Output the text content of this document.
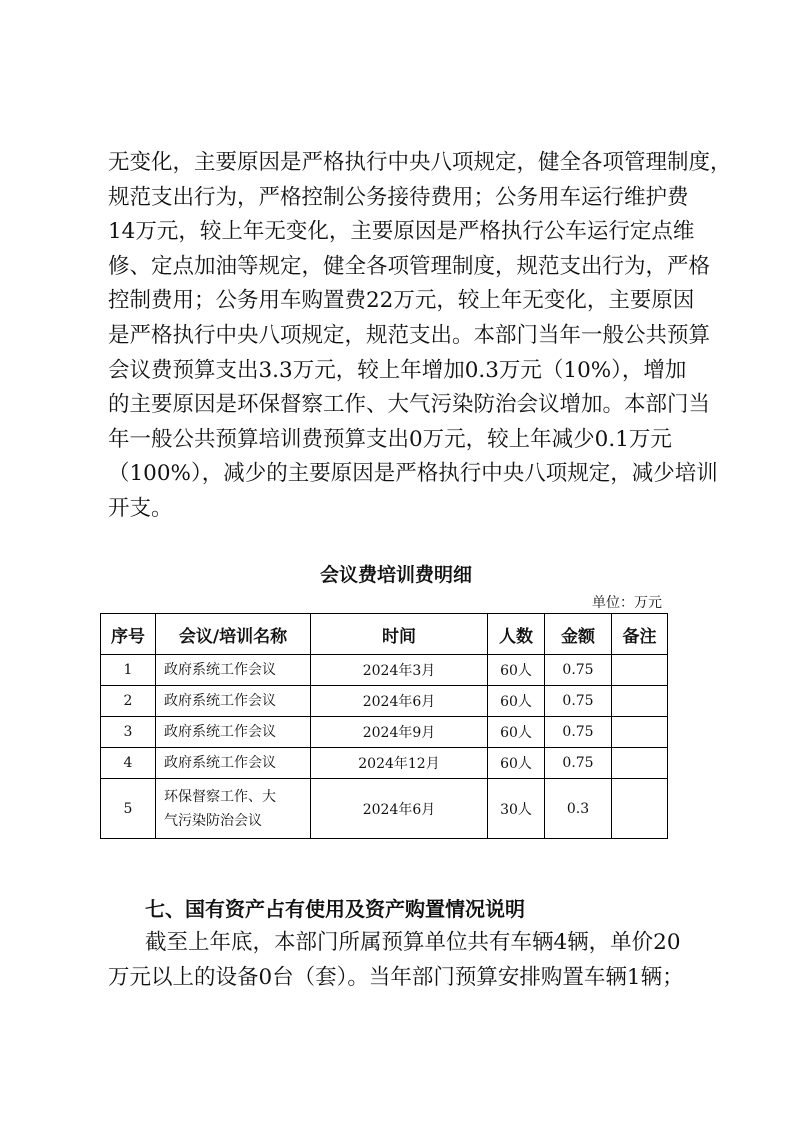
无变化，主要原因是严格执行中央八项规定，健全各项管理制度，
规范支出行为，严格控制公务接待费用；公务用车运行维护费
14万元，较上年无变化，主要原因是严格执行公车运行定点维
修、定点加油等规定，健全各项管理制度，规范支出行为，严格
控制费用；公务用车购置费22万元，较上年无变化，主要原因
是严格执行中央八项规定，规范支出。本部门当年一般公共预算
会议费预算支出3.3万元，较上年增加0.3万元（10%），增加
的主要原因是环保督察工作、大气污染防治会议增加。本部门当
年一般公共预算培训费预算支出0万元，较上年减少0.1万元
（100%），减少的主要原因是严格执行中央八项规定，减少培训
开支。
会议费培训费明细
单位：万元
序号	会议/培训名称	时间	人数	金额	备注
1	政府系统工作会议	2024年3月	60人	0.75	
2	政府系统工作会议	2024年6月	60人	0.75	
3	政府系统工作会议	2024年9月	60人	0.75	
4	政府系统工作会议	2024年12月	60人	0.75	
5	环保督察工作、大
气污染防治会议	2024年6月	30人	0.3	
七、国有资产占有使用及资产购置情况说明
截至上年底，本部门所属预算单位共有车辆4辆，单价20
万元以上的设备0台（套）。当年部门预算安排购置车辆1辆；
